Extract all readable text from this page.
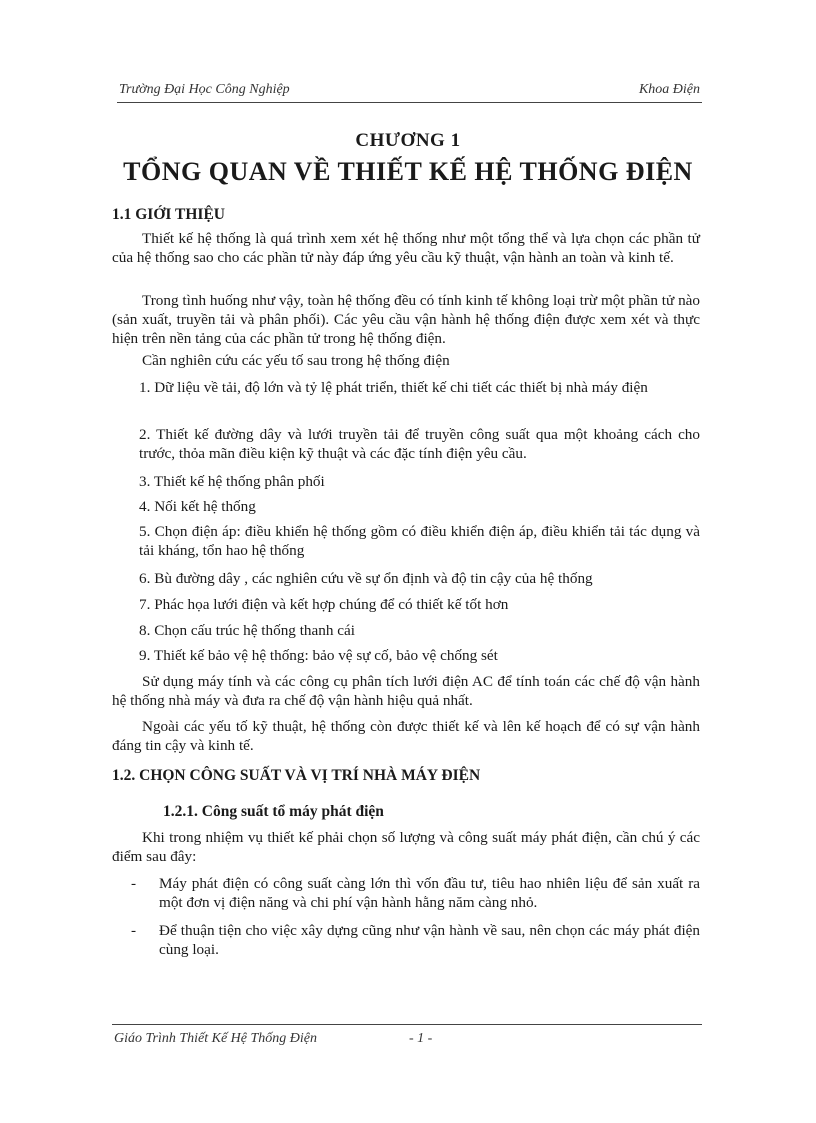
Trường Đại Học Công Nghiệp	Khoa Điện
CHƯƠNG 1
TỔNG QUAN VỀ THIẾT KẾ HỆ THỐNG ĐIỆN
1.1 GIỚI THIỆU
Thiết kế hệ thống là quá trình xem xét hệ thống như một tổng thể và lựa chọn các phần tử của hệ thống sao cho các phần tử này đáp ứng yêu cầu kỹ thuật, vận hành an toàn và kinh tế.
Trong tình huống như vậy, toàn hệ thống đều có tính kinh tế không loại trừ một phần tử nào (sản xuất, truyền tải và phân phối). Các yêu cầu vận hành hệ thống điện được xem xét và thực hiện trên nền tảng của các phần tử trong hệ thống điện.
Cần nghiên cứu các yếu tố sau trong hệ thống điện
1. Dữ liệu về tải, độ lớn và tỷ lệ phát triển, thiết kế chi tiết các thiết bị nhà máy điện
2. Thiết kế đường dây và lưới truyền tải để truyền công suất qua một khoảng cách cho trước, thỏa mãn điều kiện kỹ thuật và các đặc tính điện yêu cầu.
3. Thiết kế hệ thống phân phối
4. Nối kết hệ thống
5. Chọn điện áp: điều khiển hệ thống gồm có điều khiển điện áp, điều khiển tải tác dụng và tải kháng, tổn hao hệ thống
6. Bù đường dây , các nghiên cứu về sự ổn định và độ tin cậy của hệ thống
7. Phác họa lưới điện và kết hợp chúng để có thiết kế tốt hơn
8. Chọn cấu trúc hệ thống thanh cái
9. Thiết kế bảo vệ hệ thống: bảo vệ sự cố, bảo vệ chống sét
Sử dụng máy tính và các công cụ phân tích lưới điện AC để tính toán các chế độ vận hành hệ thống nhà máy và đưa ra chế độ vận hành hiệu quả nhất.
Ngoài các yếu tố kỹ thuật, hệ thống còn được thiết kế và lên kế hoạch để có sự vận hành đáng tin cậy và kinh tế.
1.2. CHỌN CÔNG SUẤT VÀ VỊ TRÍ NHÀ MÁY ĐIỆN
1.2.1. Công suất tổ máy phát điện
Khi trong nhiệm vụ thiết kế phải chọn số lượng và công suất máy phát điện, cần chú ý các điểm sau đây:
- Máy phát điện có công suất càng lớn thì vốn đầu tư, tiêu hao nhiên liệu để sản xuất ra một đơn vị điện năng và chi phí vận hành hằng năm càng nhỏ.
- Để thuận tiện cho việc xây dựng cũng như vận hành về sau, nên chọn các máy phát điện cùng loại.
Giáo Trình Thiết Kế Hệ Thống Điện	- 1 -
